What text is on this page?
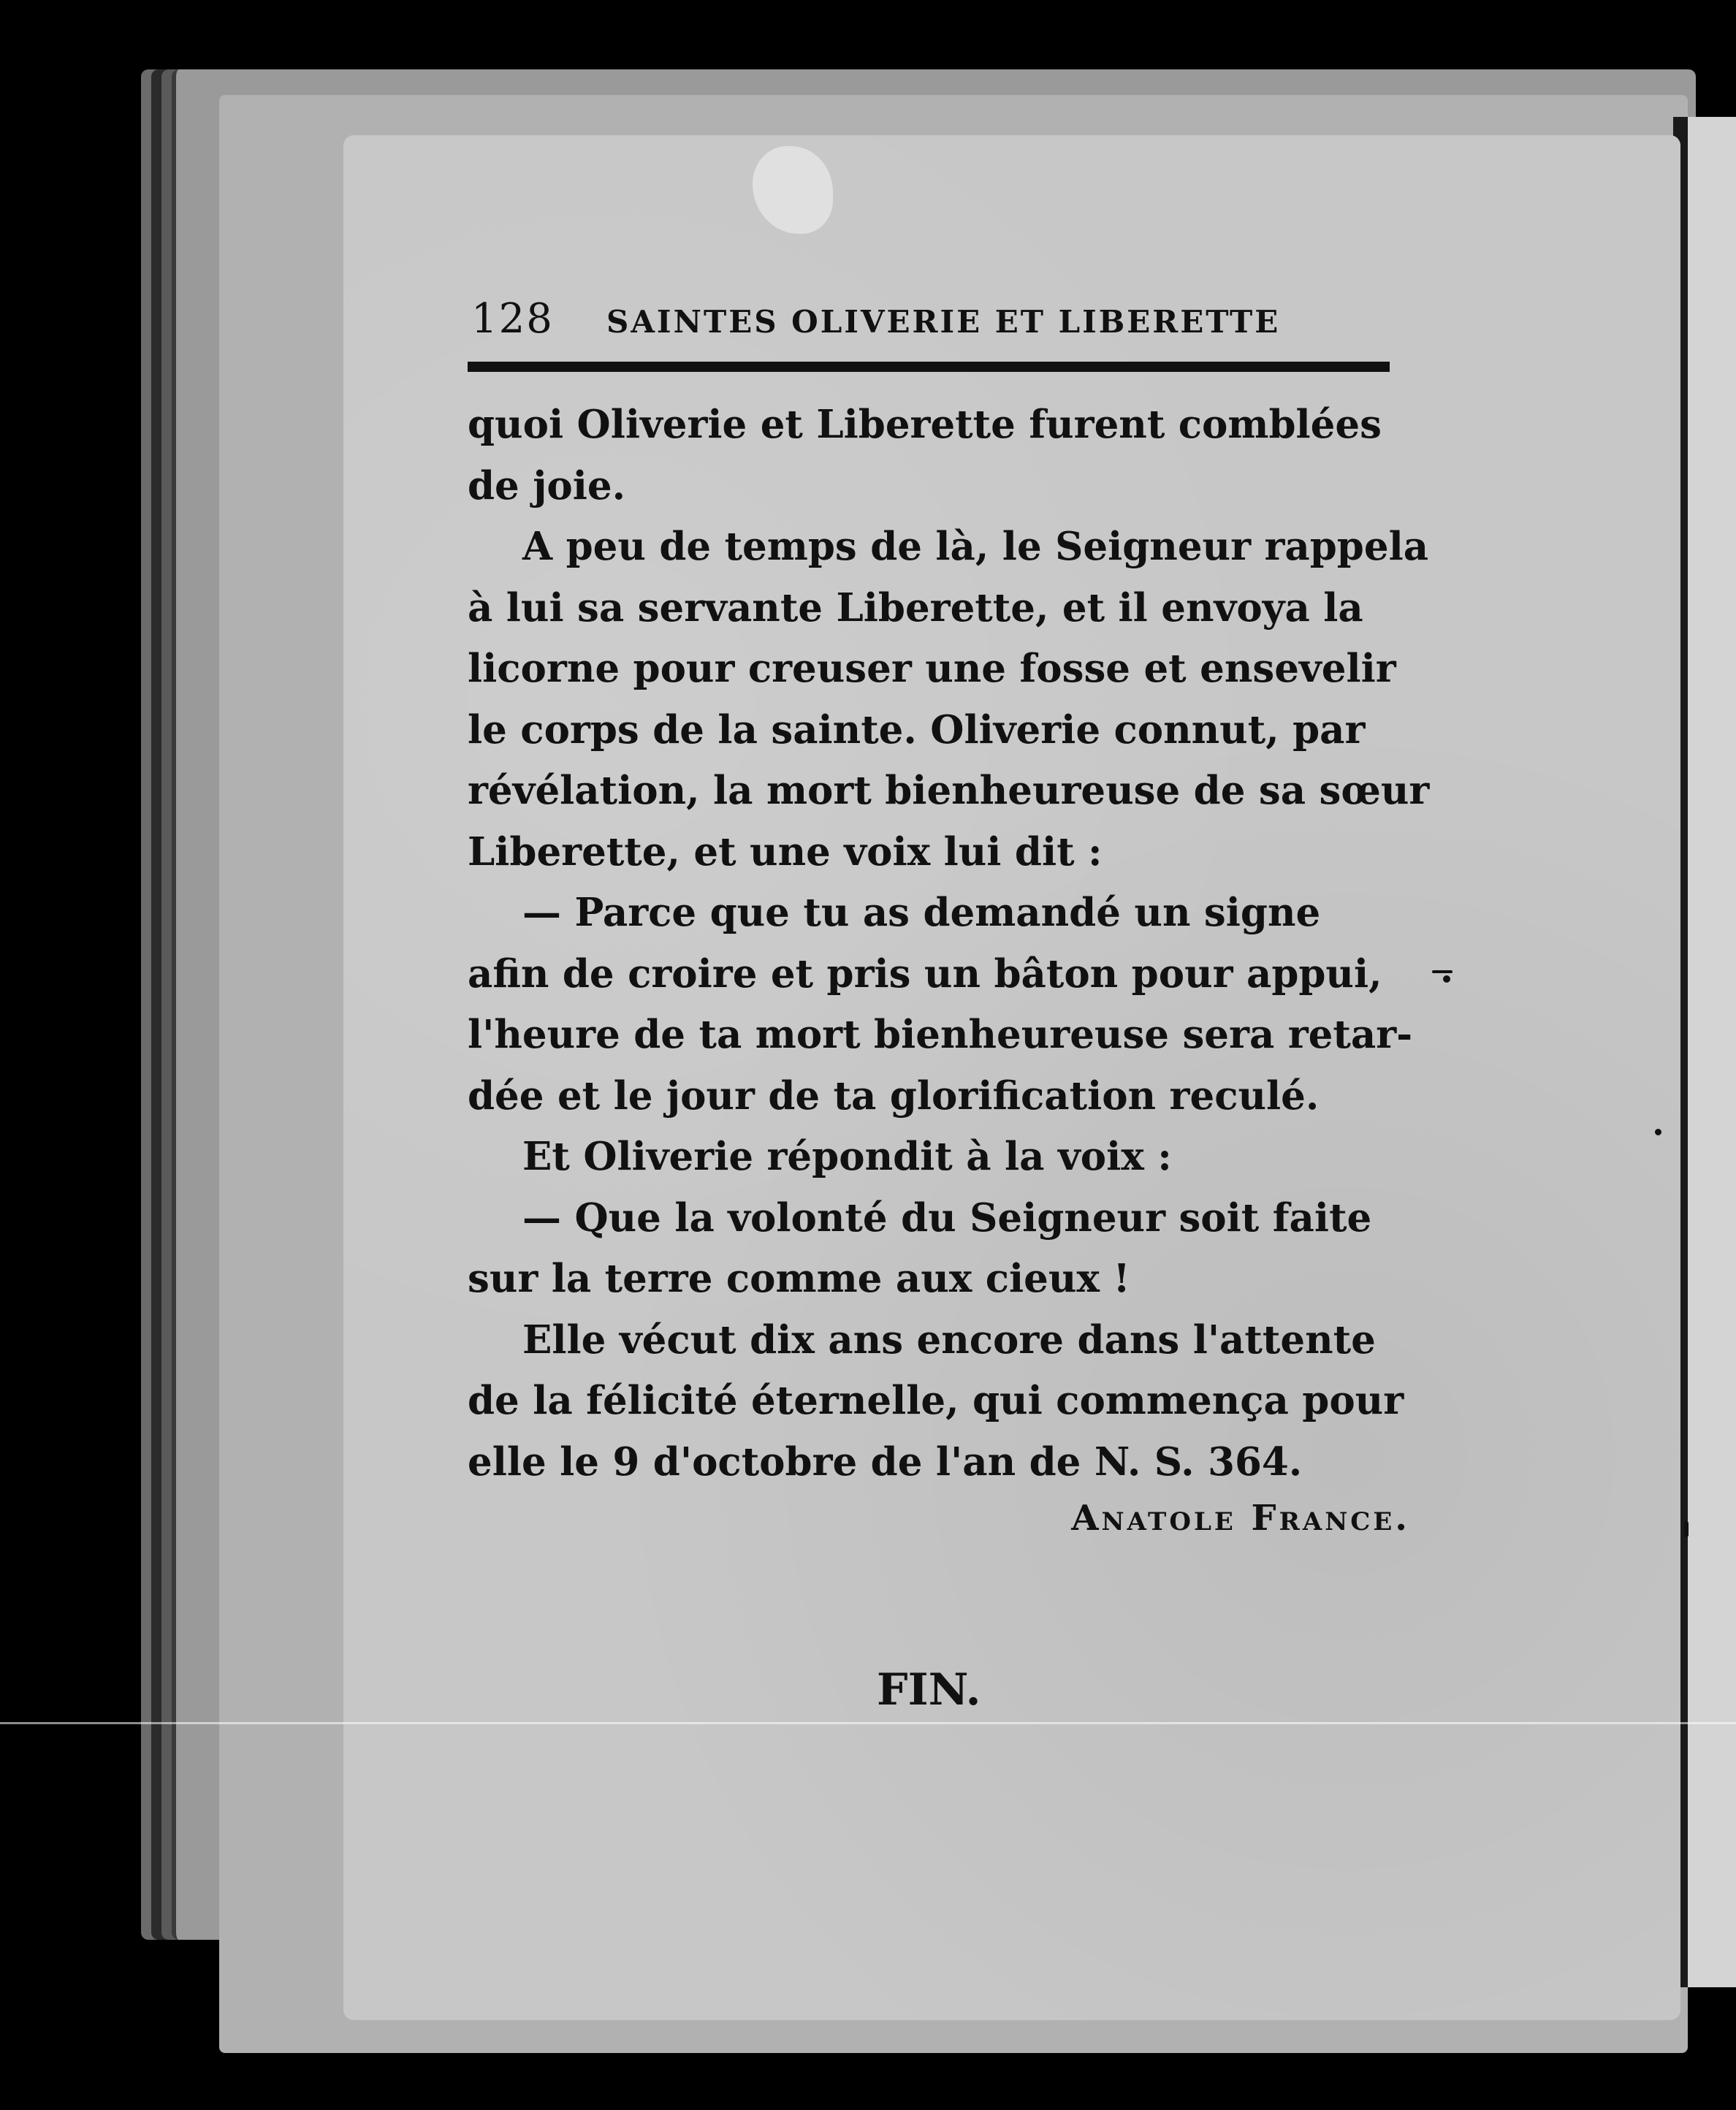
128 SAINTES OLIVERIE ET LIBERETTE
quoi Oliverie et Liberette furent comblées
de joie.
A peu de temps de là, le Seigneur rappela
à lui sa servante Liberette, et il envoya la
licorne pour creuser une fosse et ensevelir
le corps de la sainte. Oliverie connut, par
révélation, la mort bienheureuse de sa sœur
Liberette, et une voix lui dit :
— Parce que tu as demandé un signe
afin de croire et pris un bâton pour appui,
l'heure de ta mort bienheureuse sera retar-
dée et le jour de ta glorification reculé.
Et Oliverie répondit à la voix :
— Que la volonté du Seigneur soit faite
sur la terre comme aux cieux !
Elle vécut dix ans encore dans l'attente
de la félicité éternelle, qui commença pour
elle le 9 d'octobre de l'an de N. S. 364.
Anatole France.
FIN.
